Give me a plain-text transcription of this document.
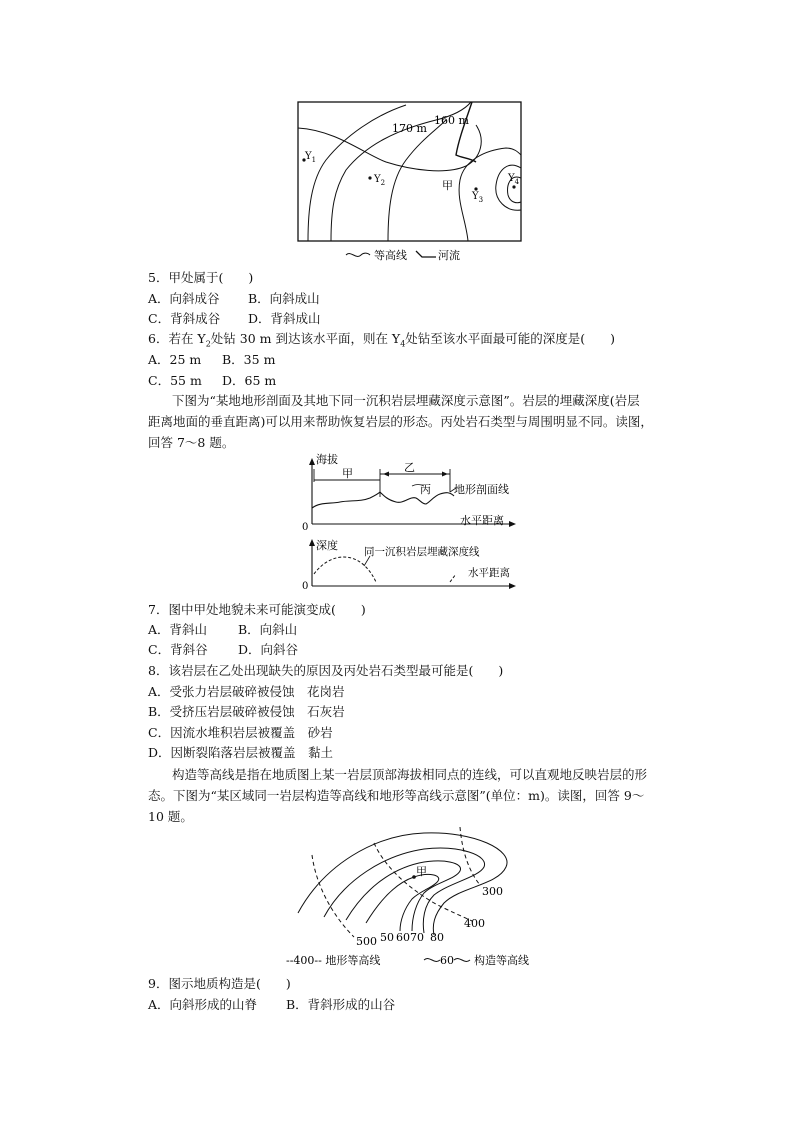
170 m
160 m
$Y_1$
$Y_2$
$Y_3$
$Y_4$
甲
等高线	河流
5．甲处属于(　　)
A．向斜成谷 B．向斜成山
C．背斜成谷 D．背斜成山
6．若在 $Y_2$处钻 30 m 到达该水平面，则在 $Y_4$处钻至该水平面最可能的深度是(　　)
A．25 m B．35 m
C．55 m D．65 m
下图为“某地地形剖面及其地下同一沉积岩层埋藏深度示意图”。岩层的埋藏深度(岩层
距离地面的垂直距离)可以用来帮助恢复岩层的形态。丙处岩石类型与周围明显不同。读图，
回答 7～8 题。
海拔
0
甲	乙
丙 地形剖面线
水平距离
深度
0
同一沉积岩层埋藏深度线
水平距离
7．图中甲处地貌未来可能演变成(　　)
A．背斜山 B．向斜山
C．背斜谷 D．向斜谷
8．该岩层在乙处出现缺失的原因及丙处岩石类型最可能是(　　)
A．受张力岩层破碎被侵蚀　花岗岩
B．受挤压岩层破碎被侵蚀　石灰岩
C．因流水堆积岩层被覆盖　砂岩
D．因断裂陷落岩层被覆盖　黏土
构造等高线是指在地质图上某一岩层顶部海拔相同点的连线，可以直观地反映岩层的形
态。下图为“某区域同一岩层构造等高线和地形等高线示意图”(单位：m)。读图，回答 9～
10 题。
甲
300
400
500 50 60 70 80
--400-- 地形等高线	60 构造等高线
9．图示地质构造是(　　)
A．向斜形成的山脊 B．背斜形成的山谷
